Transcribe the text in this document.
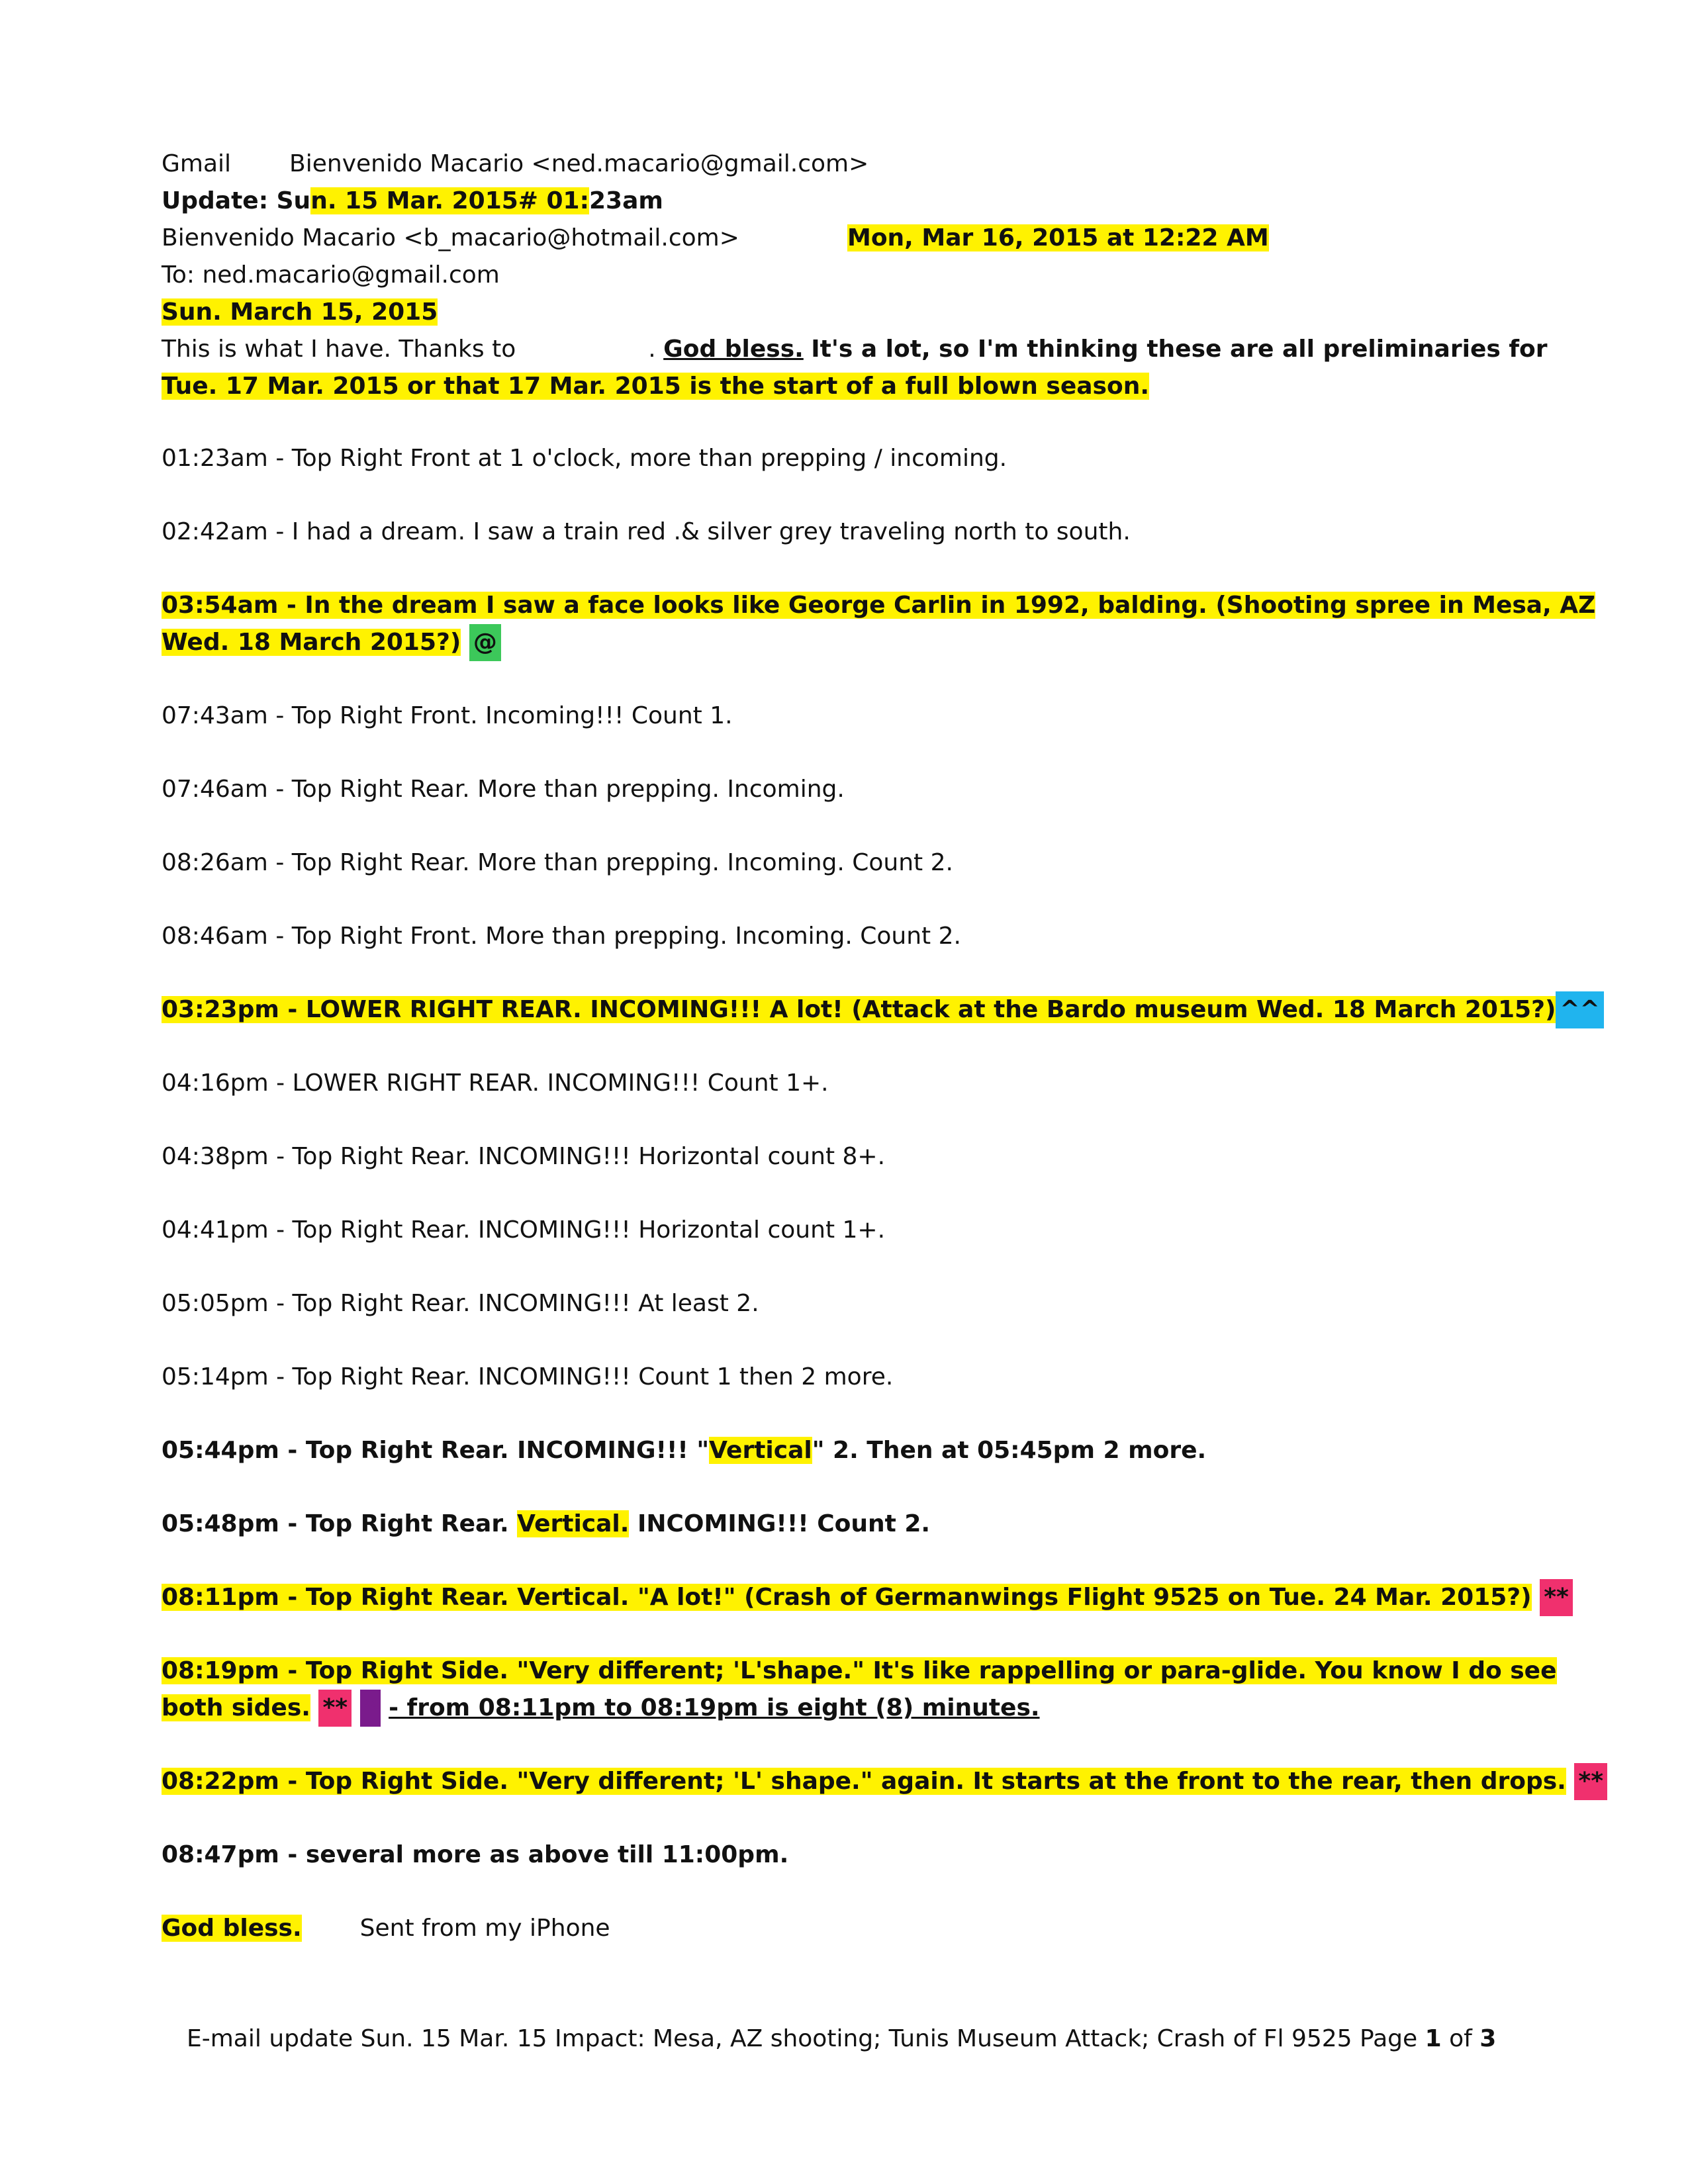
Gmail Bienvenido Macario <ned.macario@gmail.com>
Update: Sun. 15 Mar. 2015# 01:23am
Bienvenido Macario <b_macario@hotmail.com>	Mon, Mar 16, 2015 at 12:22 AM
To: ned.macario@gmail.com
Sun. March 15, 2015
This is what I have. Thanks to	. God bless. It's a lot, so I'm thinking these are all preliminaries for
Tue. 17 Mar. 2015 or that 17 Mar. 2015 is the start of a full blown season.
01:23am - Top Right Front at 1 o'clock, more than prepping / incoming.
02:42am - I had a dream. I saw a train red .& silver grey traveling north to south.
03:54am - In the dream I saw a face looks like George Carlin in 1992, balding. (Shooting spree in Mesa, AZ
Wed. 18 March 2015?) @
07:43am - Top Right Front. Incoming!!! Count 1.
07:46am - Top Right Rear. More than prepping. Incoming.
08:26am - Top Right Rear. More than prepping. Incoming. Count 2.
08:46am - Top Right Front. More than prepping. Incoming. Count 2.
03:23pm - LOWER RIGHT REAR. INCOMING!!! A lot! (Attack at the Bardo museum Wed. 18 March 2015?) ^^
04:16pm - LOWER RIGHT REAR. INCOMING!!! Count 1+.
04:38pm - Top Right Rear. INCOMING!!! Horizontal count 8+.
04:41pm - Top Right Rear. INCOMING!!! Horizontal count 1+.
05:05pm - Top Right Rear. INCOMING!!! At least 2.
05:14pm - Top Right Rear. INCOMING!!! Count 1 then 2 more.
05:44pm - Top Right Rear. INCOMING!!! "Vertical" 2. Then at 05:45pm 2 more.
05:48pm - Top Right Rear. Vertical. INCOMING!!! Count 2.
08:11pm - Top Right Rear. Vertical. "A lot!" (Crash of Germanwings Flight 9525 on Tue. 24 Mar. 2015?) **
08:19pm - Top Right Side. "Very different; 'L'shape." It's like rappelling or para-glide. You know I do see
both sides. ** * - from 08:11pm to 08:19pm is eight (8) minutes.
08:22pm - Top Right Side. "Very different; 'L' shape." again. It starts at the front to the rear, then drops. **
08:47pm - several more as above till 11:00pm.
God bless. Sent from my iPhone
E-mail update Sun. 15 Mar. 15 Impact: Mesa, AZ shooting; Tunis Museum Attack; Crash of Fl 9525 Page 1 of 3
